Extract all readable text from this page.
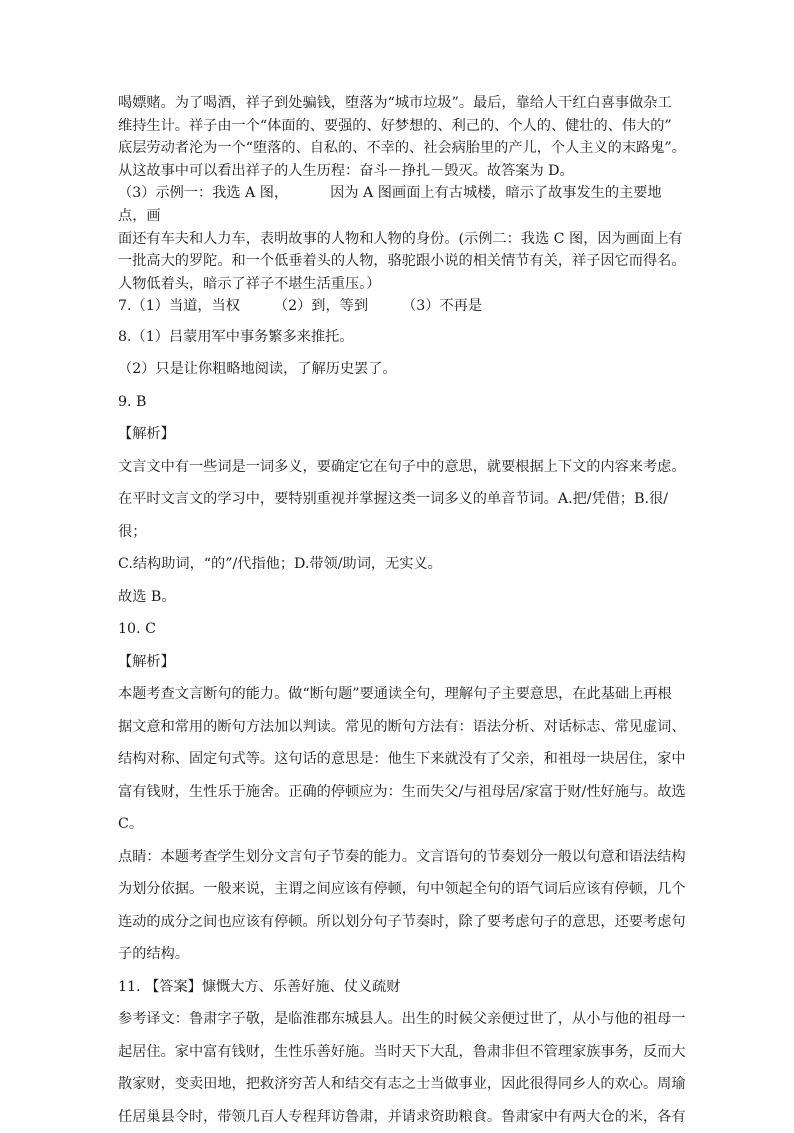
喝嫖赌。为了喝酒，祥子到处骗钱，堕落为“城市垃圾”。最后，靠给人干红白喜事做杂工

维持生计。祥子由一个“体面的、要强的、好梦想的、利己的、个人的、健壮的、伟大的”

底层劳动者沦为一个“堕落的、自私的、不幸的、社会病胎里的产儿，个人主义的末路鬼”。

从这故事中可以看出祥子的人生历程：奋斗－挣扎－毁灭。故答案为 D。

（3）示例一：我选 A 图，	因为 A 图画面上有古城楼，暗示了故事发生的主要地点，画

面还有车夫和人力车，表明故事的人物和人物的身份。(示例二：我选 C 图，因为画面上有

一批高大的罗陀。和一个低垂着头的人物，骆驼跟小说的相关情节有关，祥子因它而得名。

人物低着头，暗示了祥子不堪生活重压。）

7.（1）当道，当权 （2）到，等到 （3）不再是

8.（1）吕蒙用军中事务繁多来推托。

（2）只是让你粗略地阅读，了解历史罢了。

9. B

【解析】

文言文中有一些词是一词多义，要确定它在句子中的意思，就要根据上下文的内容来考虑。

在平时文言文的学习中，要特别重视并掌握这类一词多义的单音节词。A.把/凭借；B.很/很；

C.结构助词，“的”/代指他；D.带领/助词，无实义。

故选 B。

10. C

【解析】

本题考查文言断句的能力。做“断句题”要通读全句，理解句子主要意思，在此基础上再根

据文意和常用的断句方法加以判读。常见的断句方法有：语法分析、对话标志、常见虚词、

结构对称、固定句式等。这句话的意思是：他生下来就没有了父亲，和祖母一块居住，家中

富有钱财，生性乐于施舍。正确的停顿应为：生而失父/与祖母居/家富于财/性好施与。故选

C。

点睛：本题考查学生划分文言句子节奏的能力。文言语句的节奏划分一般以句意和语法结构

为划分依据。一般来说，主谓之间应该有停顿，句中领起全句的语气词后应该有停顿，几个

连动的成分之间也应该有停顿。所以划分句子节奏时，除了要考虑句子的意思，还要考虑句

子的结构。

11. 【答案】慷慨大方、乐善好施、仗义疏财

参考译文：鲁肃字子敬，是临淮郡东城县人。出生的时候父亲便过世了，从小与他的祖母一

起居住。家中富有钱财，生性乐善好施。当时天下大乱，鲁肃非但不管理家族事务，反而大

散家财，变卖田地，把救济穷苦人和结交有志之士当做事业，因此很得同乡人的欢心。周瑜

任居巢县令时，带领几百人专程拜访鲁肃，并请求资助粮食。鲁肃家中有两大仓的米，各有
